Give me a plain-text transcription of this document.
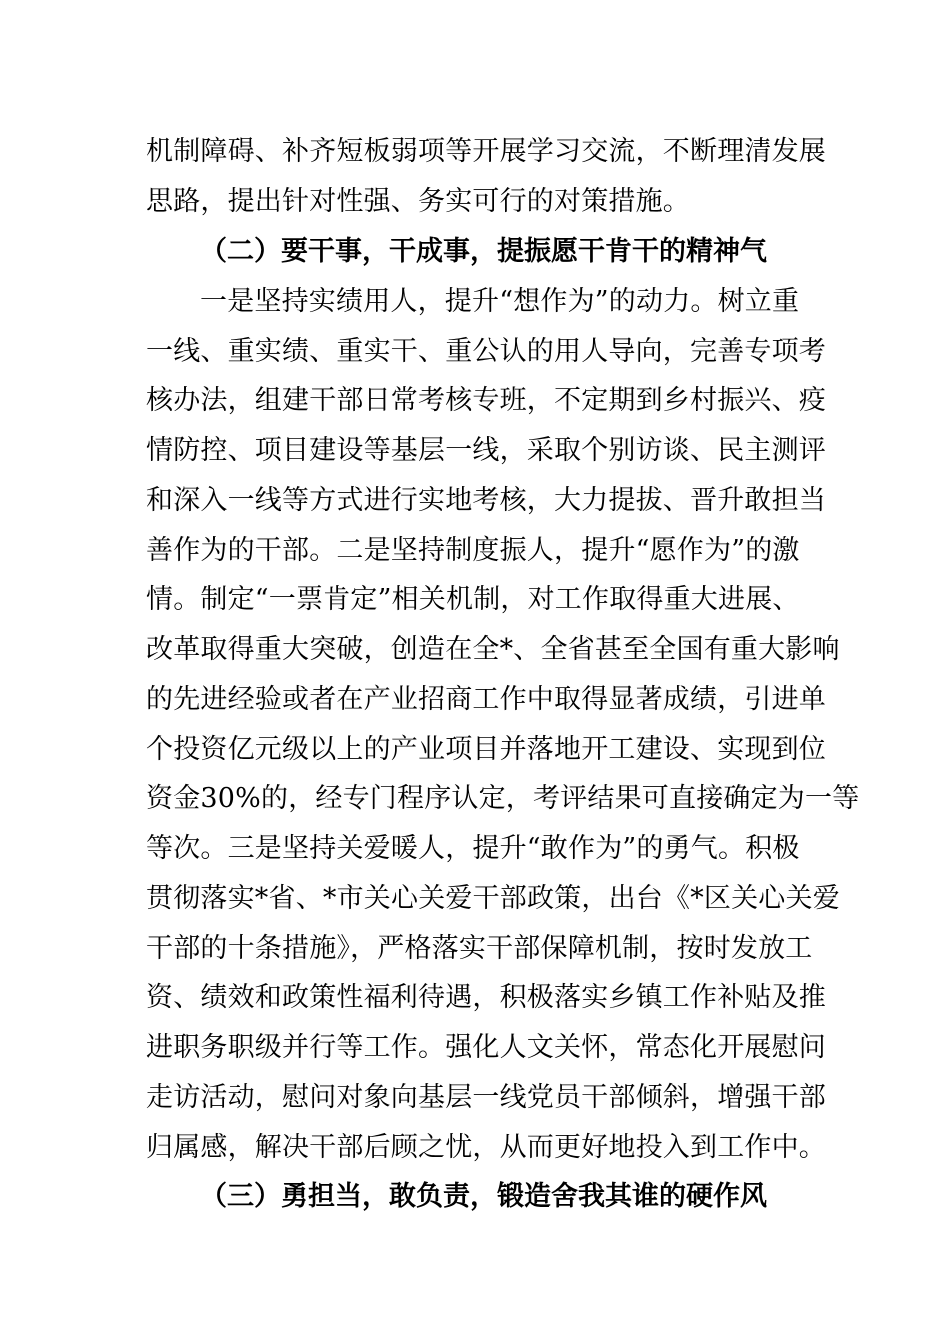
机制障碍、补齐短板弱项等开展学习交流，不断理清发展
思路，提出针对性强、务实可行的对策措施。
（二）要干事，干成事，提振愿干肯干的精神气
一是坚持实绩用人，提升“想作为”的动力。树立重
一线、重实绩、重实干、重公认的用人导向，完善专项考
核办法，组建干部日常考核专班，不定期到乡村振兴、疫
情防控、项目建设等基层一线，采取个别访谈、民主测评
和深入一线等方式进行实地考核，大力提拔、晋升敢担当
善作为的干部。二是坚持制度振人，提升“愿作为”的激
情。制定“一票肯定”相关机制，对工作取得重大进展、
改革取得重大突破，创造在全*、全省甚至全国有重大影响
的先进经验或者在产业招商工作中取得显著成绩，引进单
个投资亿元级以上的产业项目并落地开工建设、实现到位
资金30%的，经专门程序认定，考评结果可直接确定为一等
等次。三是坚持关爱暖人，提升“敢作为”的勇气。积极
贯彻落实*省、*市关心关爱干部政策，出台《*区关心关爱
干部的十条措施》，严格落实干部保障机制，按时发放工
资、绩效和政策性福利待遇，积极落实乡镇工作补贴及推
进职务职级并行等工作。强化人文关怀，常态化开展慰问
走访活动，慰问对象向基层一线党员干部倾斜，增强干部
归属感，解决干部后顾之忧，从而更好地投入到工作中。
（三）勇担当，敢负责，锻造舍我其谁的硬作风
